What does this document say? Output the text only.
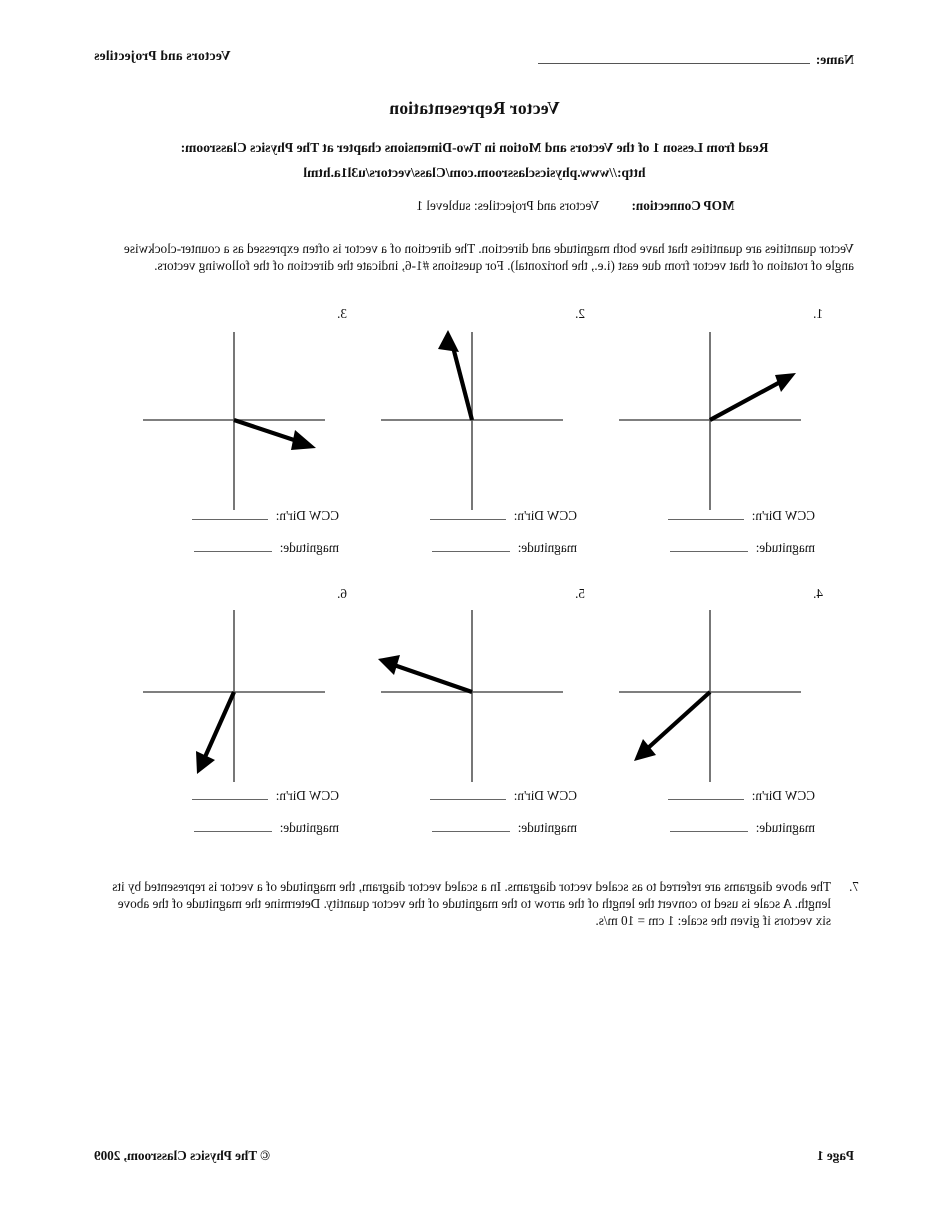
Name:
Vectors and Projectiles
Vector Representation
Read from Lesson 1 of the Vectors and Motion in Two-Dimensions chapter at The Physics Classroom:
http://www.physicsclassroom.com/Class/vectors/u3l1a.html
MOP Connection:
Vectors and Projectiles: sublevel 1
Vector quantities are quantities that have both magnitude and direction. The direction of a vector is often expressed as a counter-clockwise angle of rotation of that vector from due east (i.e., the horizontal). For questions #1-6, indicate the direction of the following vectors.
1.
CCW Dir'n:
magnitude:
2.
CCW Dir'n:
magnitude:
3.
CCW Dir'n:
magnitude:
4.
CCW Dir'n:
magnitude:
5.
CCW Dir'n:
magnitude:
6.
CCW Dir'n:
magnitude:
7.
The above diagrams are referred to as scaled vector diagrams. In a scaled vector diagram, the magnitude of a vector is represented by its length. A scale is used to convert the length of the arrow to the magnitude of the vector quantity. Determine the magnitude of the above six vectors if given the scale: 1 cm = 10 m/s.
Page 1
© The Physics Classroom, 2009
